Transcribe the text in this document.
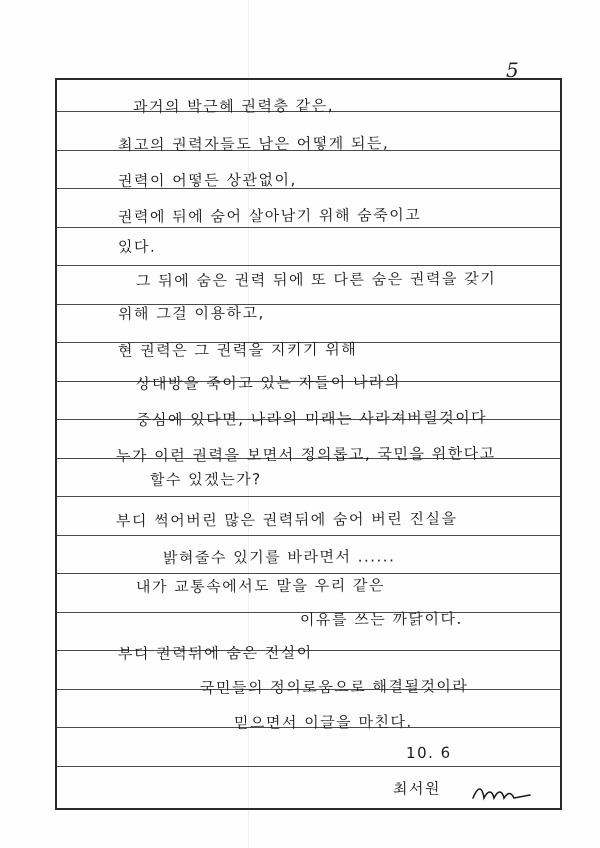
5
과거의 박근혜 권력층 같은,
최고의 권력자들도 남은 어떻게 되든,
권력이 어떻든 상관없이,
권력에 뒤에 숨어 살아남기 위해 숨죽이고
있다.
그 뒤에 숨은 권력 뒤에 또 다른 숨은 권력을 갖기
위해 그걸 이용하고,
현 권력은 그 권력을 지키기 위해
상대방을 죽이고 있는 자들이 나라의
중심에 있다면, 나라의 미래는 사라져버릴것이다
누가 이런 권력을 보면서 정의롭고, 국민을 위한다고
할수 있겠는가?
부디 썩어버린 많은 권력뒤에 숨어 버린 진실을
밝혀줄수 있기를 바라면서 ......
내가 교통속에서도 말을 우리 같은
이유를 쓰는 까닭이다.
부디 권력뒤에 숨은 진실이
국민들의 정의로움으로 해결될것이라
믿으면서 이글을 마친다.
10. 6
최서원
